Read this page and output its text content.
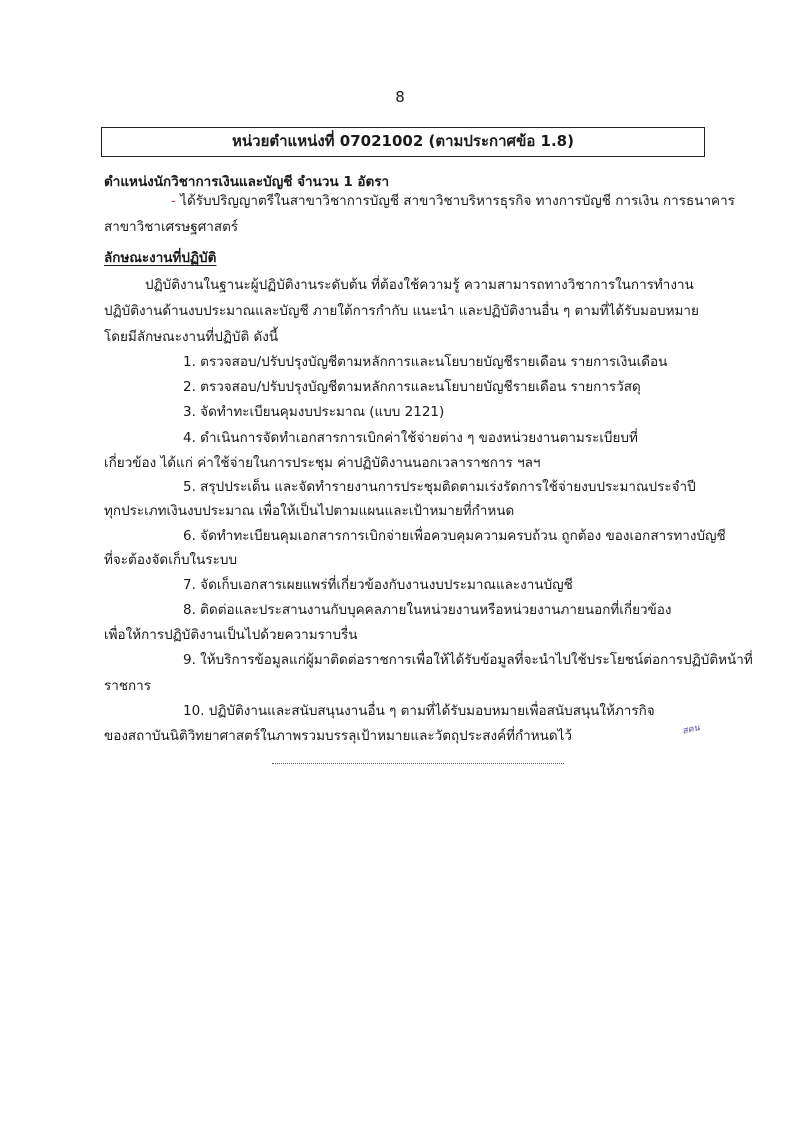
8
หน่วยตำแหน่งที่ 07021002 (ตามประกาศข้อ 1.8)
ตำแหน่งนักวิชาการเงินและบัญชี จำนวน 1 อัตรา
- ได้รับปริญญาตรีในสาขาวิชาการบัญชี สาขาวิชาบริหารธุรกิจ ทางการบัญชี การเงิน การธนาคาร
สาขาวิชาเศรษฐศาสตร์
ลักษณะงานที่ปฏิบัติ
ปฏิบัติงานในฐานะผู้ปฏิบัติงานระดับต้น ที่ต้องใช้ความรู้ ความสามารถทางวิชาการในการทำงาน
ปฏิบัติงานด้านงบประมาณและบัญชี ภายใต้การกำกับ แนะนำ และปฏิบัติงานอื่น ๆ ตามที่ได้รับมอบหมาย
โดยมีลักษณะงานที่ปฏิบัติ ดังนี้
1. ตรวจสอบ/ปรับปรุงบัญชีตามหลักการและนโยบายบัญชีรายเดือน รายการเงินเดือน
2. ตรวจสอบ/ปรับปรุงบัญชีตามหลักการและนโยบายบัญชีรายเดือน รายการวัสดุ
3. จัดทำทะเบียนคุมงบประมาณ (แบบ 2121)
4. ดำเนินการจัดทำเอกสารการเบิกค่าใช้จ่ายต่าง ๆ ของหน่วยงานตามระเบียบที่
เกี่ยวข้อง ได้แก่ ค่าใช้จ่ายในการประชุม ค่าปฏิบัติงานนอกเวลาราชการ ฯลฯ
5. สรุปประเด็น และจัดทำรายงานการประชุมติดตามเร่งรัดการใช้จ่ายงบประมาณประจำปี
ทุกประเภทเงินงบประมาณ เพื่อให้เป็นไปตามแผนและเป้าหมายที่กำหนด
6. จัดทำทะเบียนคุมเอกสารการเบิกจ่ายเพื่อควบคุมความครบถ้วน ถูกต้อง ของเอกสารทางบัญชี
ที่จะต้องจัดเก็บในระบบ
7. จัดเก็บเอกสารเผยแพร่ที่เกี่ยวข้องกับงานงบประมาณและงานบัญชี
8. ติดต่อและประสานงานกับบุคคลภายในหน่วยงานหรือหน่วยงานภายนอกที่เกี่ยวข้อง
เพื่อให้การปฏิบัติงานเป็นไปด้วยความราบรื่น
9. ให้บริการข้อมูลแก่ผู้มาติดต่อราชการเพื่อให้ได้รับข้อมูลที่จะนำไปใช้ประโยชน์ต่อการปฏิบัติหน้าที่
ราชการ
10. ปฏิบัติงานและสนับสนุนงานอื่น ๆ ตามที่ได้รับมอบหมายเพื่อสนับสนุนให้ภารกิจ
ของสถาบันนิติวิทยาศาสตร์ในภาพรวมบรรลุเป้าหมายและวัตถุประสงค์ที่กำหนดไว้	สคน
